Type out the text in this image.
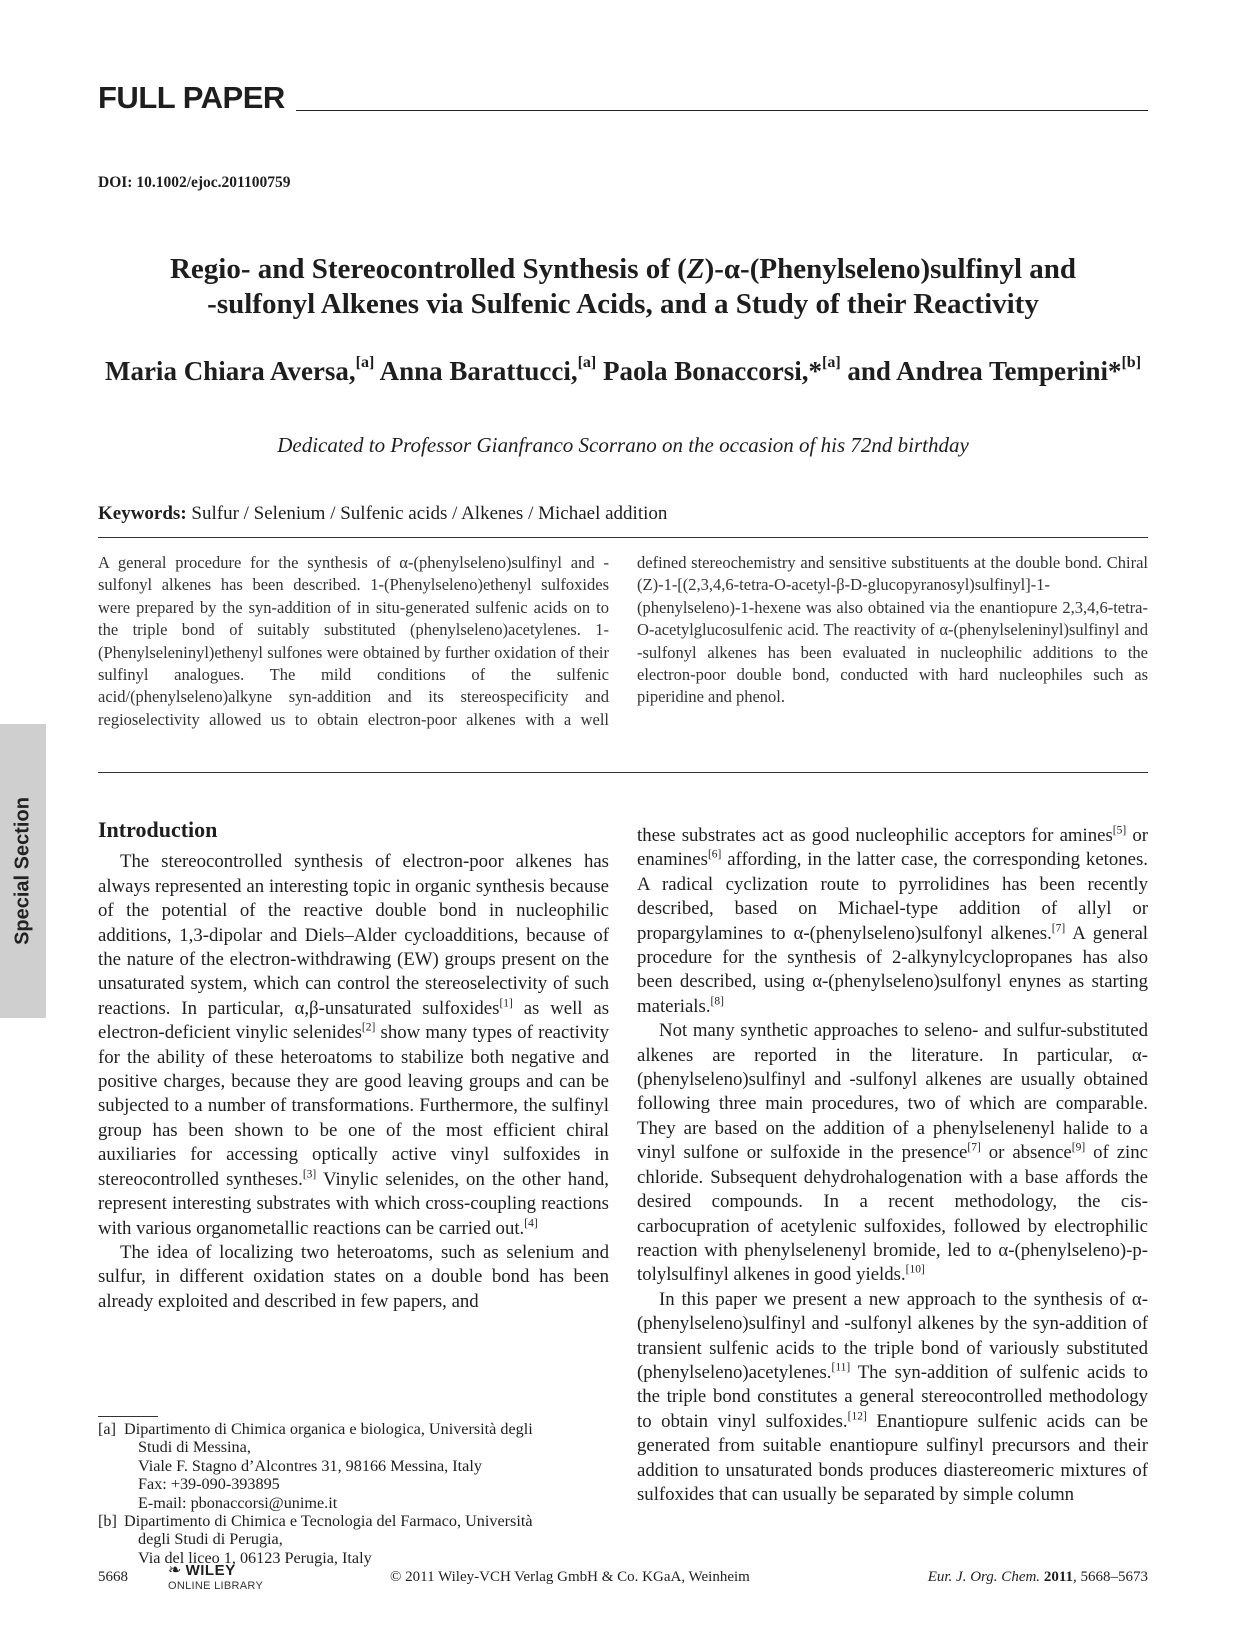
FULL PAPER
DOI: 10.1002/ejoc.201100759
Regio- and Stereocontrolled Synthesis of (Z)-α-(Phenylseleno)sulfinyl and
-sulfonyl Alkenes via Sulfenic Acids, and a Study of their Reactivity
Maria Chiara Aversa,[a] Anna Barattucci,[a] Paola Bonaccorsi,*[a] and Andrea Temperini*[b]
Dedicated to Professor Gianfranco Scorrano on the occasion of his 72nd birthday
Keywords: Sulfur / Selenium / Sulfenic acids / Alkenes / Michael addition
A general procedure for the synthesis of α-(phenylseleno)sulfinyl and -sulfonyl alkenes has been described. 1-(Phenylseleno)ethenyl sulfoxides were prepared by the syn-addition of in situ-generated sulfenic acids on to the triple bond of suitably substituted (phenylseleno)acetylenes. 1-(Phenylseleninyl)ethenyl sulfones were obtained by further oxidation of their sulfinyl analogues. The mild conditions of the sulfenic acid/(phenylseleno)alkyne syn-addition and its stereospecificity and regioselectivity allowed us to obtain electron-poor alkenes with a well defined stereochemistry and sensitive substituents at the double bond. Chiral (Z)-1-[(2,3,4,6-tetra-O-acetyl-β-D-glucopyranosyl)sulfinyl]-1-(phenylseleno)-1-hexene was also obtained via the enantiopure 2,3,4,6-tetra-O-acetylglucosulfenic acid. The reactivity of α-(phenylseleninyl)sulfinyl and -sulfonyl alkenes has been evaluated in nucleophilic additions to the electron-poor double bond, conducted with hard nucleophiles such as piperidine and phenol.
Special Section	Introduction

The stereocontrolled synthesis of electron-poor alkenes has always represented an interesting topic in organic synthesis because of the potential of the reactive double bond in nucleophilic additions, 1,3-dipolar and Diels–Alder cycloadditions, because of the nature of the electron-withdrawing (EW) groups present on the unsaturated system, which can control the stereoselectivity of such reactions. In particular, α,β-unsaturated sulfoxides[1] as well as electron-deficient vinylic selenides[2] show many types of reactivity for the ability of these heteroatoms to stabilize both negative and positive charges, because they are good leaving groups and can be subjected to a number of transformations. Furthermore, the sulfinyl group has been shown to be one of the most efficient chiral auxiliaries for accessing optically active vinyl sulfoxides in stereocontrolled syntheses.[3] Vinylic selenides, on the other hand, represent interesting substrates with which cross-coupling reactions with various organometallic reactions can be carried out.[4]

The idea of localizing two heteroatoms, such as selenium and sulfur, in different oxidation states on a double bond has been already exploited and described in few papers, and

these substrates act as good nucleophilic acceptors for amines[5] or enamines[6] affording, in the latter case, the corresponding ketones. A radical cyclization route to pyrrolidines has been recently described, based on Michael-type addition of allyl or propargylamines to α-(phenylseleno)sulfonyl alkenes.[7] A general procedure for the synthesis of 2-alkynylcyclopropanes has also been described, using α-(phenylseleno)sulfonyl enynes as starting materials.[8]

Not many synthetic approaches to seleno- and sulfur-substituted alkenes are reported in the literature. In particular, α-(phenylseleno)sulfinyl and -sulfonyl alkenes are usually obtained following three main procedures, two of which are comparable. They are based on the addition of a phenylselenenyl halide to a vinyl sulfone or sulfoxide in the presence[7] or absence[9] of zinc chloride. Subsequent dehydrohalogenation with a base affords the desired compounds. In a recent methodology, the cis-carbocupration of acetylenic sulfoxides, followed by electrophilic reaction with phenylselenenyl bromide, led to α-(phenylseleno)-p-tolylsulfinyl alkenes in good yields.[10]

In this paper we present a new approach to the synthesis of α-(phenylseleno)sulfinyl and -sulfonyl alkenes by the syn-addition of transient sulfenic acids to the triple bond of variously substituted (phenylseleno)acetylenes.[11] The syn-addition of sulfenic acids to the triple bond constitutes a general stereocontrolled methodology to obtain vinyl sulfoxides.[12] Enantiopure sulfenic acids can be generated from suitable enantiopure sulfinyl precursors and their addition to unsaturated bonds produces diastereomeric mixtures of sulfoxides that can usually be separated by simple column

[a] Dipartimento di Chimica organica e biologica, Università degli
Studi di Messina,
Viale F. Stagno d’Alcontres 31, 98166 Messina, Italy
Fax: +39-090-393895
E-mail: pbonaccorsi@unime.it
[b] Dipartimento di Chimica e Tecnologia del Farmaco, Università
degli Studi di Perugia,
Via del liceo 1, 06123 Perugia, Italy
5668	❧ WILEY
ONLINE LIBRARY
© 2011 Wiley-VCH Verlag GmbH & Co. KGaA, Weinheim	Eur. J. Org. Chem. 2011, 5668–5673
